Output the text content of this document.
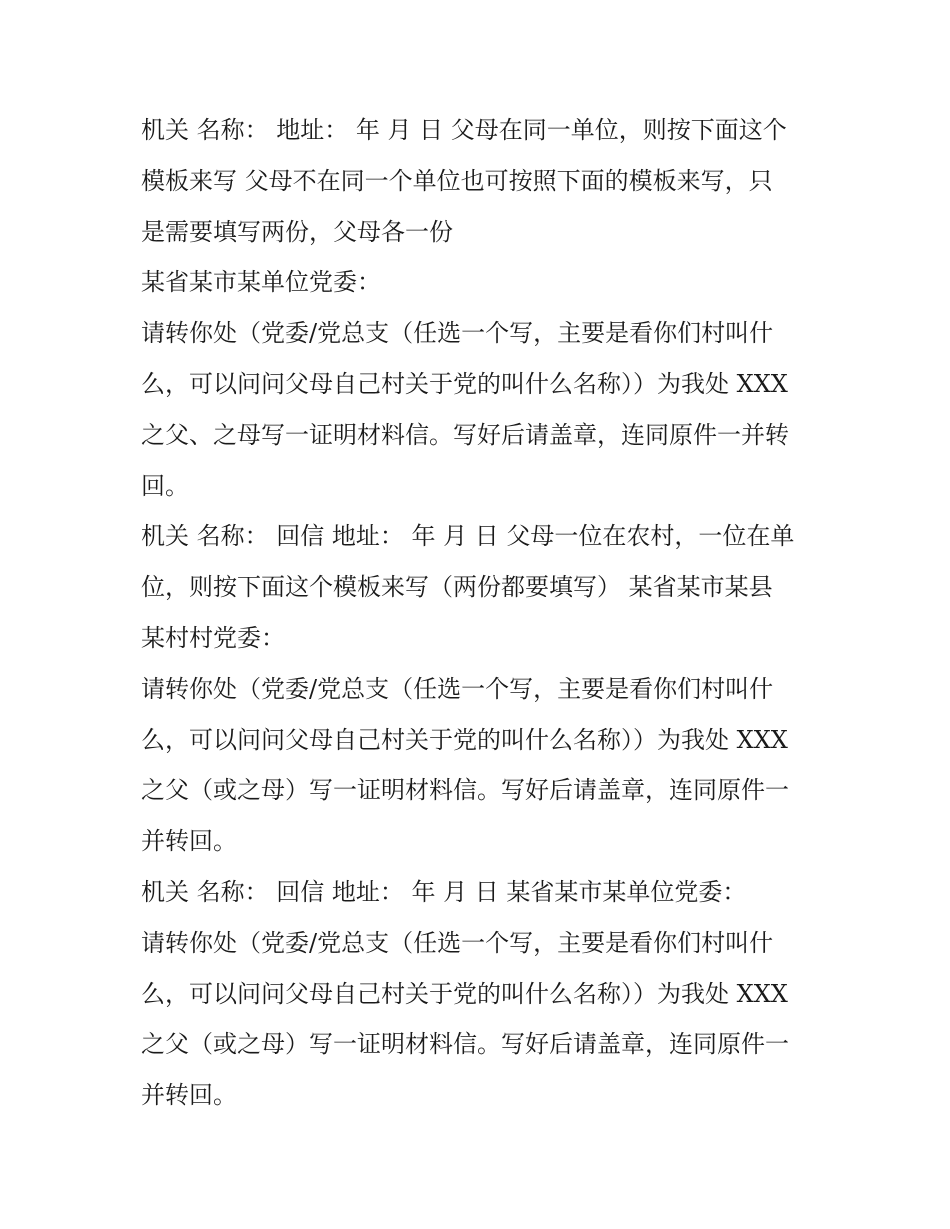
机关 名称： 地址： 年 月 日 父母在同一单位，则按下面这个
模板来写 父母不在同一个单位也可按照下面的模板来写，只
是需要填写两份，父母各一份
某省某市某单位党委：
请转你处（党委/党总支（任选一个写，主要是看你们村叫什
么，可以问问父母自己村关于党的叫什么名称））为我处 XXX
之父、之母写一证明材料信。写好后请盖章，连同原件一并转
回。
机关 名称： 回信 地址： 年 月 日 父母一位在农村，一位在单
位，则按下面这个模板来写（两份都要填写） 某省某市某县
某村村党委：
请转你处（党委/党总支（任选一个写，主要是看你们村叫什
么，可以问问父母自己村关于党的叫什么名称））为我处 XXX
之父（或之母）写一证明材料信。写好后请盖章，连同原件一
并转回。
机关 名称： 回信 地址： 年 月 日 某省某市某单位党委：
请转你处（党委/党总支（任选一个写，主要是看你们村叫什
么，可以问问父母自己村关于党的叫什么名称））为我处 XXX
之父（或之母）写一证明材料信。写好后请盖章，连同原件一
并转回。
